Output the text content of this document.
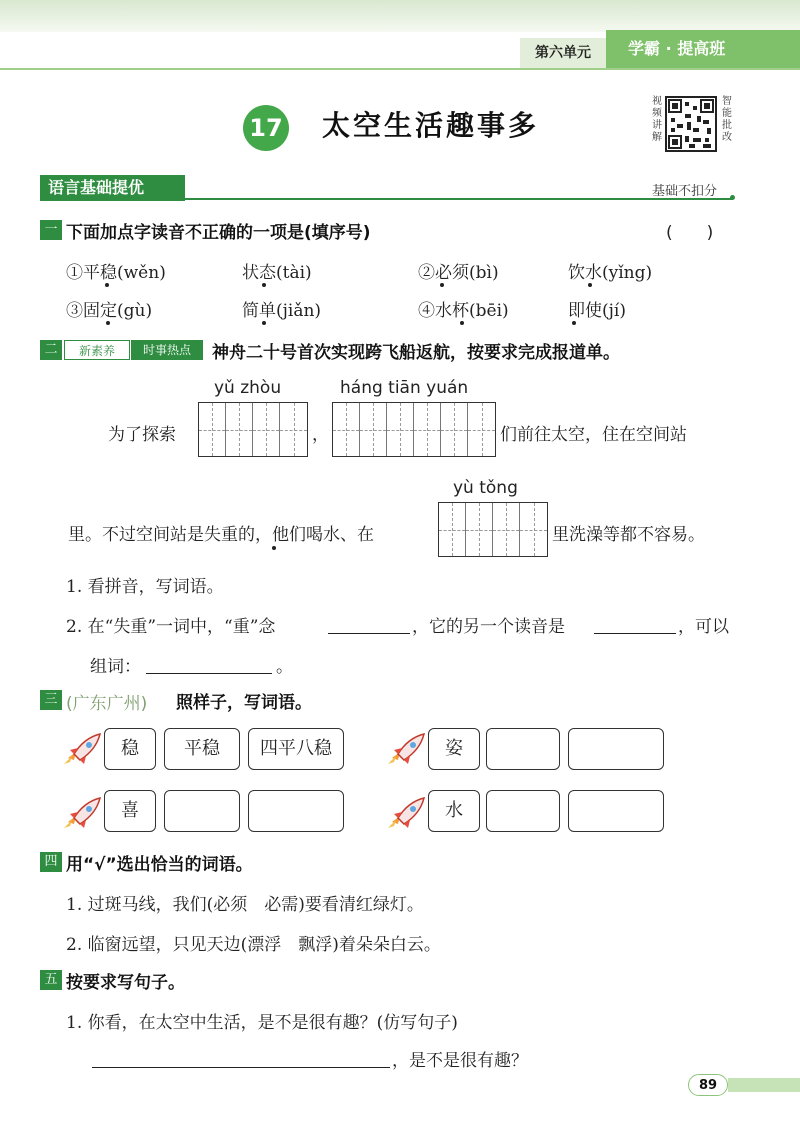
第六单元	学霸 · 提高班
17 太空生活趣事多
视频讲解
智能批改
语言基础提优	基础不扣分
一 下面加点字读音不正确的一项是(填序号)	(　　)
①平稳(wěn)	状态(tài)	②必须(bì)	饮水(yǐng)
③固定(gù)	简单(jiǎn)	④水杯(bēi)	即使(jí)
二	新素养	时事热点	神舟二十号首次实现跨飞船返航，按要求完成报道单。
yǔ zhòu	háng tiān yuán
为了探索	，	们前往太空，住在空间站
yù tǒng
里。不过空间站是失重的，他们喝水、在	里洗澡等都不容易。
1. 看拼音，写词语。
2. 在“失重”一词中，“重”念	，它的另一个读音是	，可以
组词：	。
三 (广东广州) 照样子，写词语。
稳	平稳	四平八稳	姿
喜	水
四 用“√”选出恰当的词语。
1. 过斑马线，我们(必须　必需)要看清红绿灯。
2. 临窗远望，只见天边(漂浮　飘浮)着朵朵白云。
五 按要求写句子。
1. 你看，在太空中生活，是不是很有趣？(仿写句子)
，是不是很有趣？
89
